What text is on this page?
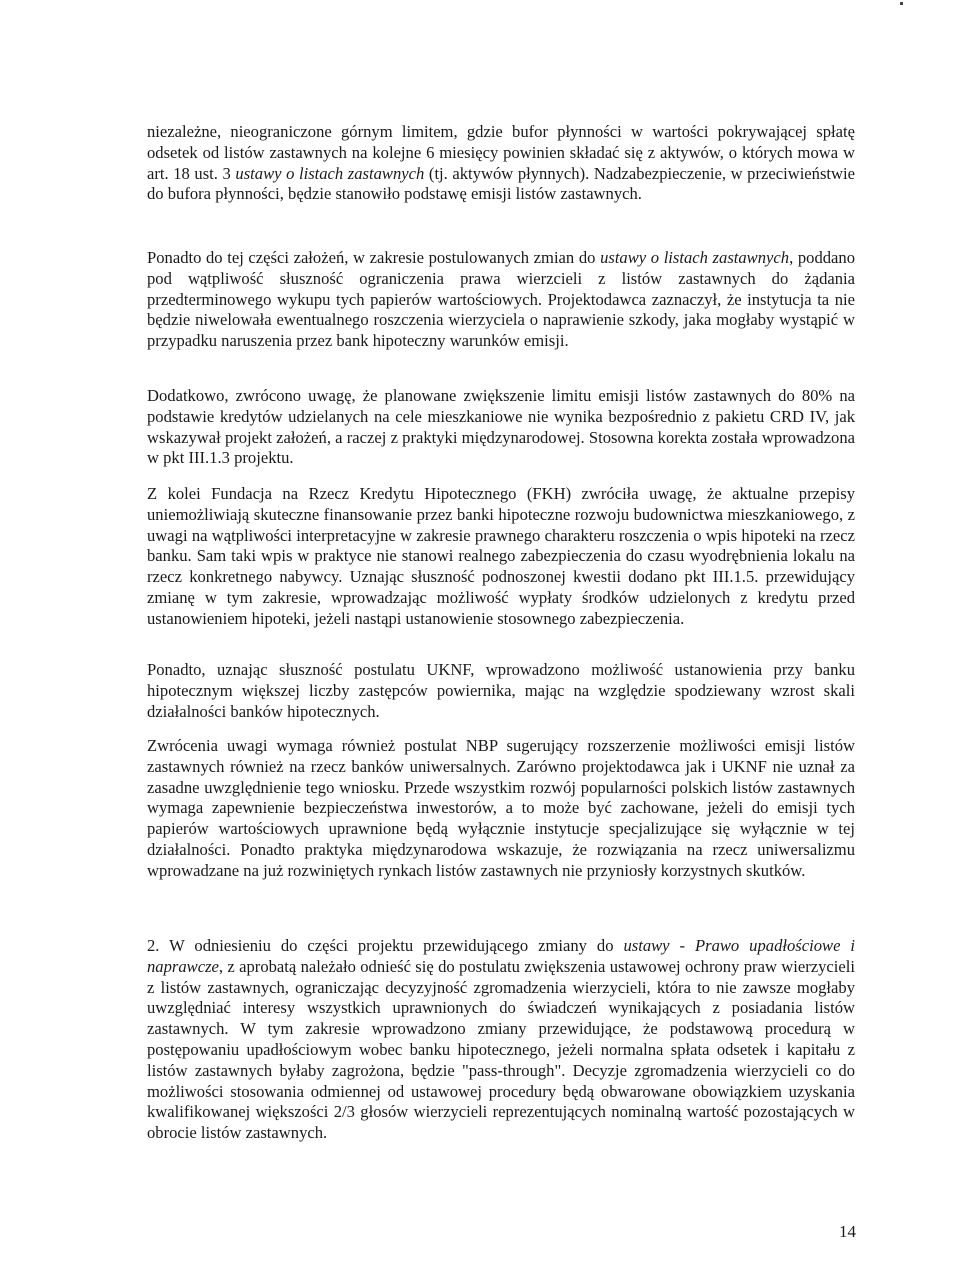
niezależne, nieograniczone górnym limitem, gdzie bufor płynności w wartości pokrywającej spłatę odsetek od listów zastawnych na kolejne 6 miesięcy powinien składać się z aktywów, o których mowa w art. 18 ust. 3 ustawy o listach zastawnych (tj. aktywów płynnych). Nadzabezpieczenie, w przeciwieństwie do bufora płynności, będzie stanowiło podstawę emisji listów zastawnych.

Ponadto do tej części założeń, w zakresie postulowanych zmian do ustawy o listach zastawnych, poddano pod wątpliwość słuszność ograniczenia prawa wierzcieli z listów zastawnych do żądania przedterminowego wykupu tych papierów wartościowych. Projektodawca zaznaczył, że instytucja ta nie będzie niwelowała ewentualnego roszczenia wierzyciela o naprawienie szkody, jaka mogłaby wystąpić w przypadku naruszenia przez bank hipoteczny warunków emisji.

Dodatkowo, zwrócono uwagę, że planowane zwiększenie limitu emisji listów zastawnych do 80% na podstawie kredytów udzielanych na cele mieszkaniowe nie wynika bezpośrednio z pakietu CRD IV, jak wskazywał projekt założeń, a raczej z praktyki międzynarodowej. Stosowna korekta została wprowadzona w pkt III.1.3 projektu.

Z kolei Fundacja na Rzecz Kredytu Hipotecznego (FKH) zwróciła uwagę, że aktualne przepisy uniemożliwiają skuteczne finansowanie przez banki hipoteczne rozwoju budownictwa mieszkaniowego, z uwagi na wątpliwości interpretacyjne w zakresie prawnego charakteru roszczenia o wpis hipoteki na rzecz banku. Sam taki wpis w praktyce nie stanowi realnego zabezpieczenia do czasu wyodrębnienia lokalu na rzecz konkretnego nabywcy. Uznając słuszność podnoszonej kwestii dodano pkt III.1.5. przewidujący zmianę w tym zakresie, wprowadzając możliwość wypłaty środków udzielonych z kredytu przed ustanowieniem hipoteki, jeżeli nastąpi ustanowienie stosownego zabezpieczenia.

Ponadto, uznając słuszność postulatu UKNF, wprowadzono możliwość ustanowienia przy banku hipotecznym większej liczby zastępców powiernika, mając na względzie spodziewany wzrost skali działalności banków hipotecznych.

Zwrócenia uwagi wymaga również postulat NBP sugerujący rozszerzenie możliwości emisji listów zastawnych również na rzecz banków uniwersalnych. Zarówno projektodawca jak i UKNF nie uznał za zasadne uwzględnienie tego wniosku. Przede wszystkim rozwój popularności polskich listów zastawnych wymaga zapewnienie bezpieczeństwa inwestorów, a to może być zachowane, jeżeli do emisji tych papierów wartościowych uprawnione będą wyłącznie instytucje specjalizujące się wyłącznie w tej działalności. Ponadto praktyka międzynarodowa wskazuje, że rozwiązania na rzecz uniwersalizmu wprowadzane na już rozwiniętych rynkach listów zastawnych nie przyniosły korzystnych skutków.

2. W odniesieniu do części projektu przewidującego zmiany do ustawy - Prawo upadłościowe i naprawcze, z aprobatą należało odnieść się do postulatu zwiększenia ustawowej ochrony praw wierzycieli z listów zastawnych, ograniczając decyzyjność zgromadzenia wierzycieli, która to nie zawsze mogłaby uwzględniać interesy wszystkich uprawnionych do świadczeń wynikających z posiadania listów zastawnych. W tym zakresie wprowadzono zmiany przewidujące, że podstawową procedurą w postępowaniu upadłościowym wobec banku hipotecznego, jeżeli normalna spłata odsetek i kapitału z listów zastawnych byłaby zagrożona, będzie "pass-through". Decyzje zgromadzenia wierzycieli co do możliwości stosowania odmiennej od ustawowej procedury będą obwarowane obowiązkiem uzyskania kwalifikowanej większości 2/3 głosów wierzycieli reprezentujących nominalną wartość pozostających w obrocie listów zastawnych.

14
